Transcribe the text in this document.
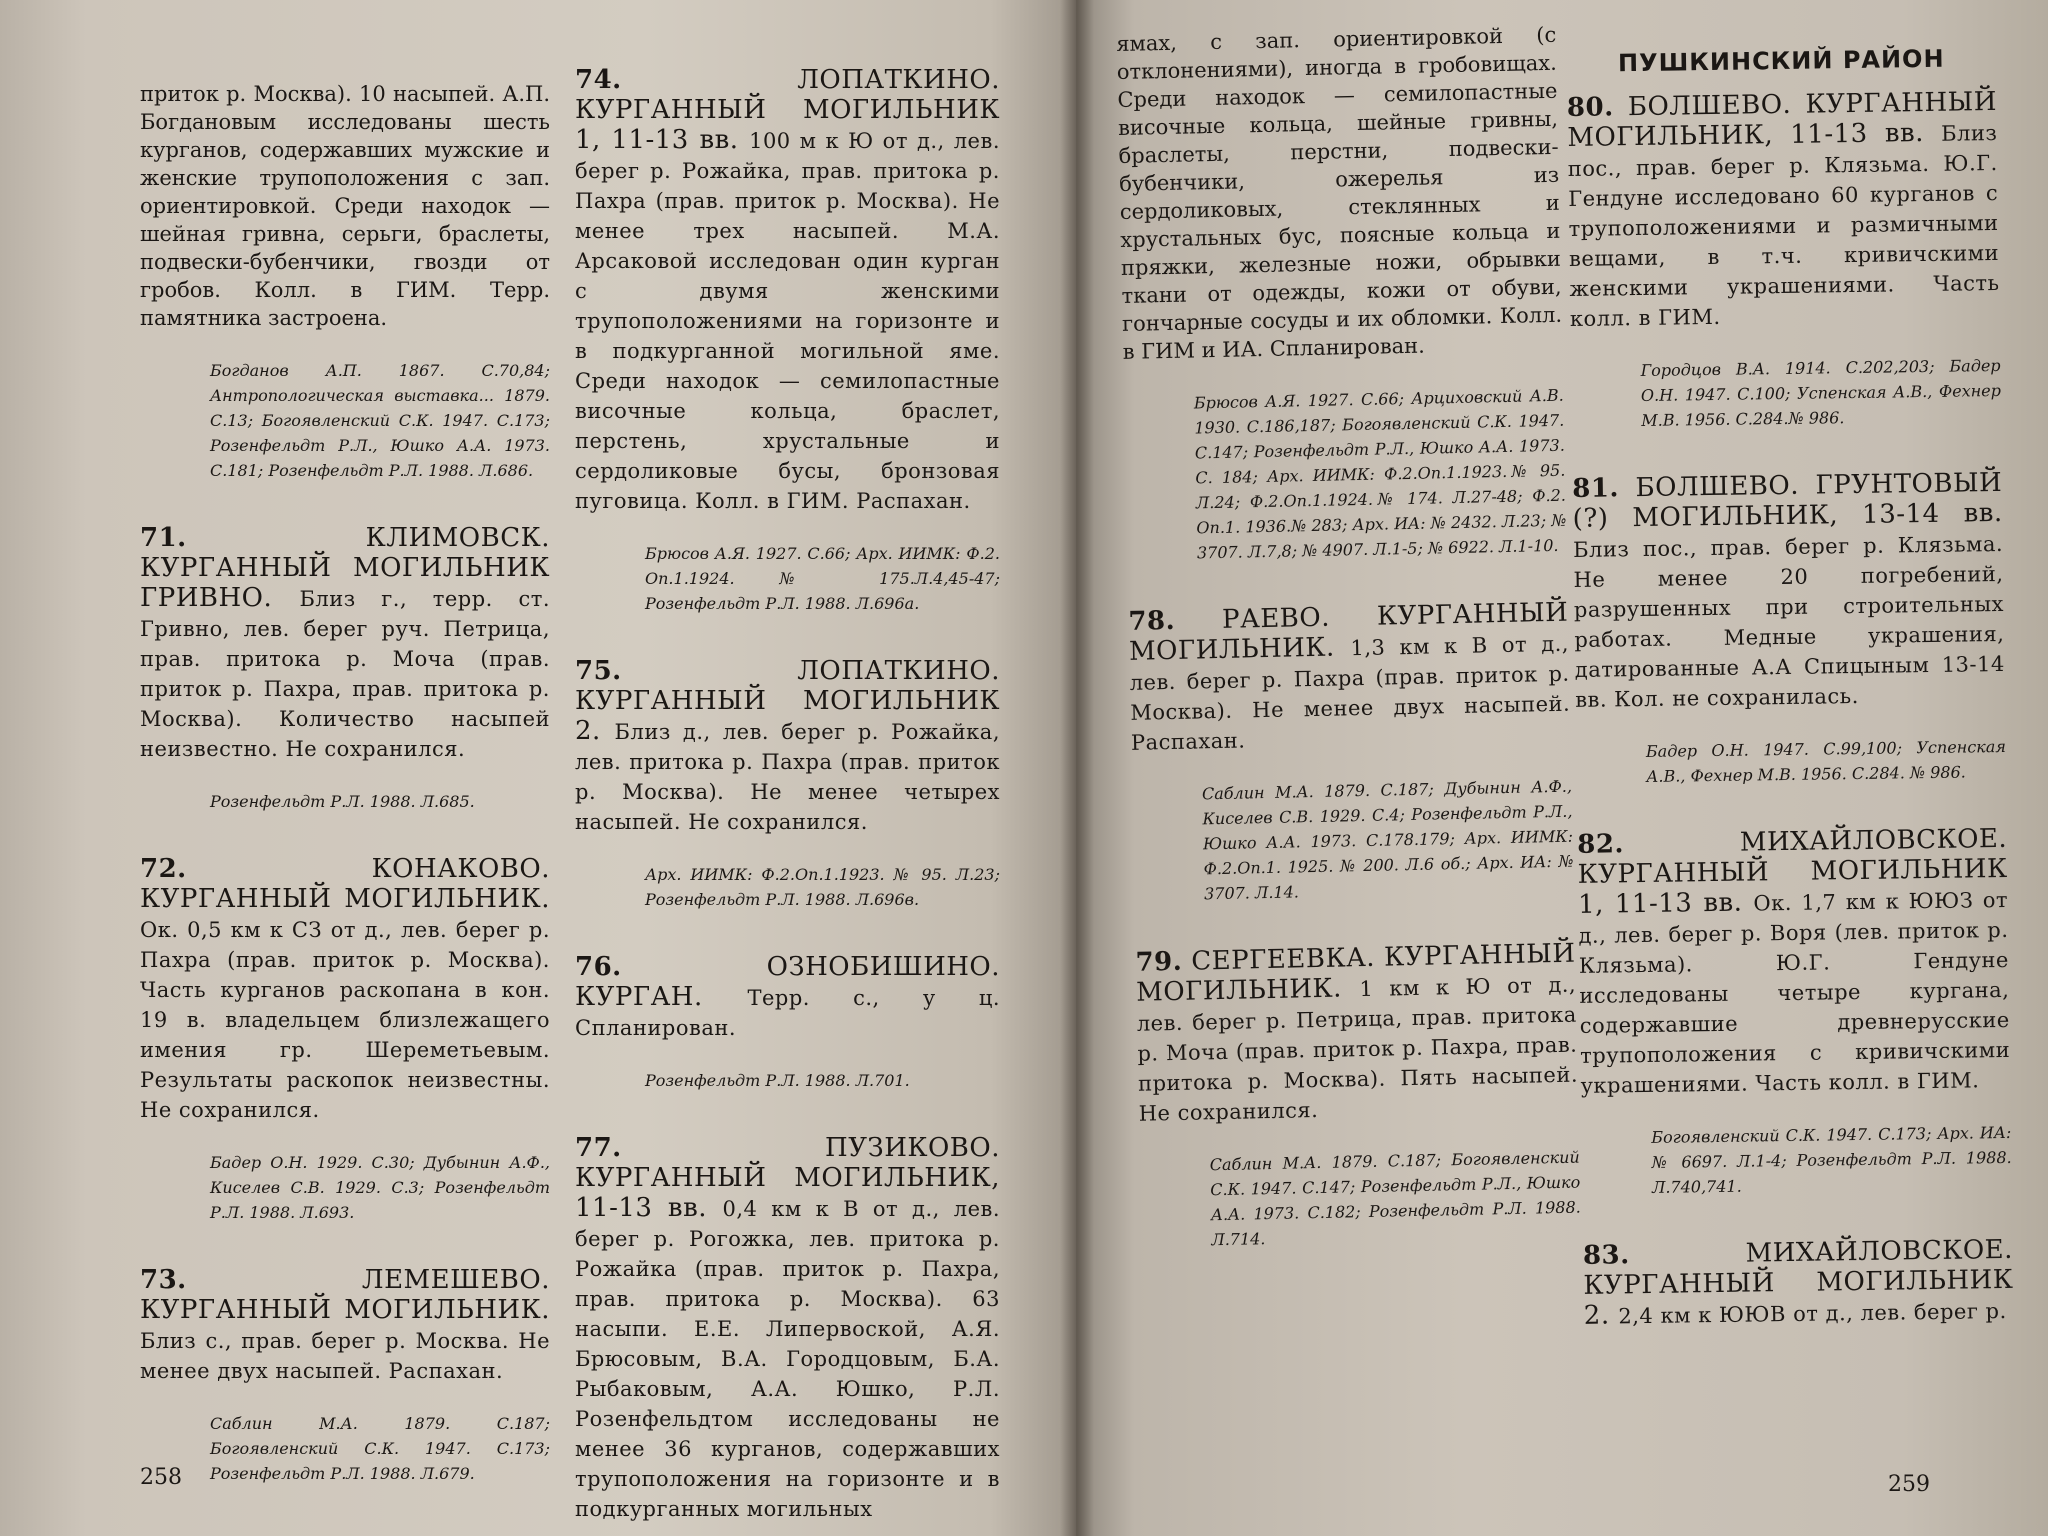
приток р. Москва). 10 насыпей. А.П. Богдановым исследованы шесть курганов, содержавших мужские и женские трупоположения с зап. ориентировкой. Среди находок — шейная гривна, серьги, браслеты, подвески-бубенчики, гвозди от гробов. Колл. в ГИМ. Терр. памятника застроена.
Богданов А.П. 1867. С.70,84; Антропологическая выставка... 1879. С.13; Богоявленский С.К. 1947. С.173; Розенфельдт Р.Л., Юшко А.А. 1973. С.181; Розенфельдт Р.Л. 1988. Л.686.
71.	КЛИМОВСК. КУРГАННЫЙ МОГИЛЬНИК ГРИВНО. Близ г., терр. ст. Гривно, лев. берег руч. Петрица, прав. притока р. Моча (прав. приток р. Пахра, прав. притока р. Москва). Количество насыпей неизвестно. Не сохранился.
Розенфельдт Р.Л. 1988. Л.685.
72.	КОНАКОВО. КУРГАННЫЙ МОГИЛЬНИК. Ок. 0,5 км к СЗ от д., лев. берег р. Пахра (прав. приток р. Москва). Часть курганов раскопана в кон. 19 в. владельцем близлежащего имения гр. Шереметьевым. Результаты раскопок неизвестны. Не сохранился.
Бадер О.Н. 1929. С.30; Дубынин А.Ф., Киселев С.В. 1929. С.3; Розенфельдт Р.Л. 1988. Л.693.
73.	ЛЕМЕШЕВО. КУРГАННЫЙ МОГИЛЬНИК. Близ с., прав. берег р. Москва. Не менее двух насыпей. Распахан.
Саблин М.А. 1879. С.187; Богоявленский С.К. 1947. С.173; Розенфельдт Р.Л. 1988. Л.679.
74.	ЛОПАТКИНО. КУРГАННЫЙ МОГИЛЬНИК 1, 11-13 вв. 100 м к Ю от д., лев. берег р. Рожайка, прав. притока р. Пахра (прав. приток р. Москва). Не менее трех насыпей. М.А. Арсаковой исследован один курган с двумя женскими трупоположениями на горизонте и в подкурганной могильной яме. Среди находок — семилопастные височные кольца, браслет, перстень, хрустальные и сердоликовые бусы, бронзовая пуговица. Колл. в ГИМ. Распахан.
Брюсов А.Я. 1927. С.66; Арх. ИИМК: Ф.2. Оп.1.1924. № 175.Л.4,45-47; Розенфельдт Р.Л. 1988. Л.696а.
75.	ЛОПАТКИНО. КУРГАННЫЙ МОГИЛЬНИК 2. Близ д., лев. берег р. Рожайка, лев. притока р. Пахра (прав. приток р. Москва). Не менее четырех насыпей. Не сохранился.
Арх. ИИМК: Ф.2.Оп.1.1923. № 95. Л.23; Розенфельдт Р.Л. 1988. Л.696в.
76.	ОЗНОБИШИНО. КУРГАН. Терр. с., у ц. Спланирован.
Розенфельдт Р.Л. 1988. Л.701.
77.	ПУЗИКОВО. КУРГАННЫЙ МОГИЛЬНИК, 11-13 вв. 0,4 км к В от д., лев. берег р. Рогожка, лев. притока р. Рожайка (прав. приток р. Пахра, прав. притока р. Москва). 63 насыпи. Е.Е. Липервоской, А.Я. Брюсовым, В.А. Городцовым, Б.А. Рыбаковым, А.А. Юшко, Р.Л. Розенфельдтом исследованы не менее 36 курганов, содержавших трупоположения на горизонте и в подкурганных могильных
258
ямах, с зап. ориентировкой (с отклонениями), иногда в гробовищах. Среди находок — семилопастные височные кольца, шейные гривны, браслеты, перстни, подвески-бубенчики, ожерелья из сердоликовых, стеклянных и хрустальных бус, поясные кольца и пряжки, железные ножи, обрывки ткани от одежды, кожи от обуви, гончарные сосуды и их обломки. Колл. в ГИМ и ИА. Спланирован.
Брюсов А.Я. 1927. С.66; Арциховский А.В. 1930. С.186,187; Богоявленский С.К. 1947. С.147; Розенфельдт Р.Л., Юшко А.А. 1973. С. 184; Арх. ИИМК: Ф.2.Оп.1.1923.№ 95. Л.24; Ф.2.Оп.1.1924.№ 174. Л.27-48; Ф.2. Оп.1. 1936.№ 283; Арх. ИА: № 2432. Л.23; № 3707. Л.7,8; № 4907. Л.1-5; № 6922. Л.1-10.
78. РАЕВО. КУРГАННЫЙ МОГИЛЬНИК. 1,3 км к В от д., лев. берег р. Пахра (прав. приток р. Москва). Не менее двух насыпей. Распахан.
Саблин М.А. 1879. С.187; Дубынин А.Ф., Киселев С.В. 1929. С.4; Розенфельдт Р.Л., Юшко А.А. 1973. С.178.179; Арх. ИИМК: Ф.2.Оп.1. 1925. № 200. Л.6 об.; Арх. ИА: № 3707. Л.14.
79. СЕРГЕЕВКА. КУРГАННЫЙ МОГИЛЬНИК. 1 км к Ю от д., лев. берег р. Петрица, прав. притока р. Моча (прав. приток р. Пахра, прав. притока р. Москва). Пять насыпей. Не сохранился.
Саблин М.А. 1879. С.187; Богоявленский С.К. 1947. С.147; Розенфельдт Р.Л., Юшко А.А. 1973. С.182; Розенфельдт Р.Л. 1988. Л.714.
ПУШКИНСКИЙ РАЙОН
80. БОЛШЕВО. КУРГАННЫЙ МОГИЛЬНИК, 11-13 вв. Близ пос., прав. берег р. Клязьма. Ю.Г. Гендуне исследовано 60 курганов с трупоположениями и размичными вещами, в т.ч. кривичскими женскими украшениями. Часть колл. в ГИМ.
Городцов В.А. 1914. С.202,203; Бадер О.Н. 1947. С.100; Успенская А.В., Фехнер М.В. 1956. С.284.№ 986.
81. БОЛШЕВО. ГРУНТОВЫЙ (?) МОГИЛЬНИК, 13-14 вв. Близ пос., прав. берег р. Клязьма. Не менее 20 погребений, разрушенных при строительных работах. Медные украшения, датированные А.А Спицыным 13-14 вв. Кол. не сохранилась.
Бадер О.Н. 1947. С.99,100; Успенская А.В., Фехнер М.В. 1956. С.284. № 986.
82.	МИХАЙЛОВСКОЕ. КУРГАННЫЙ МОГИЛЬНИК 1, 11-13 вв. Ок. 1,7 км к ЮЮЗ от д., лев. берег р. Воря (лев. приток р. Клязьма). Ю.Г. Гендуне исследованы четыре кургана, содержавшие древнерусские трупоположения с кривичскими украшениями. Часть колл. в ГИМ.
Богоявленский С.К. 1947. С.173; Арх. ИА: № 6697. Л.1-4; Розенфельдт Р.Л. 1988. Л.740,741.
83.	МИХАЙЛОВСКОЕ. КУРГАННЫЙ МОГИЛЬНИК 2. 2,4 км к ЮЮВ от д., лев. берег р.
259
